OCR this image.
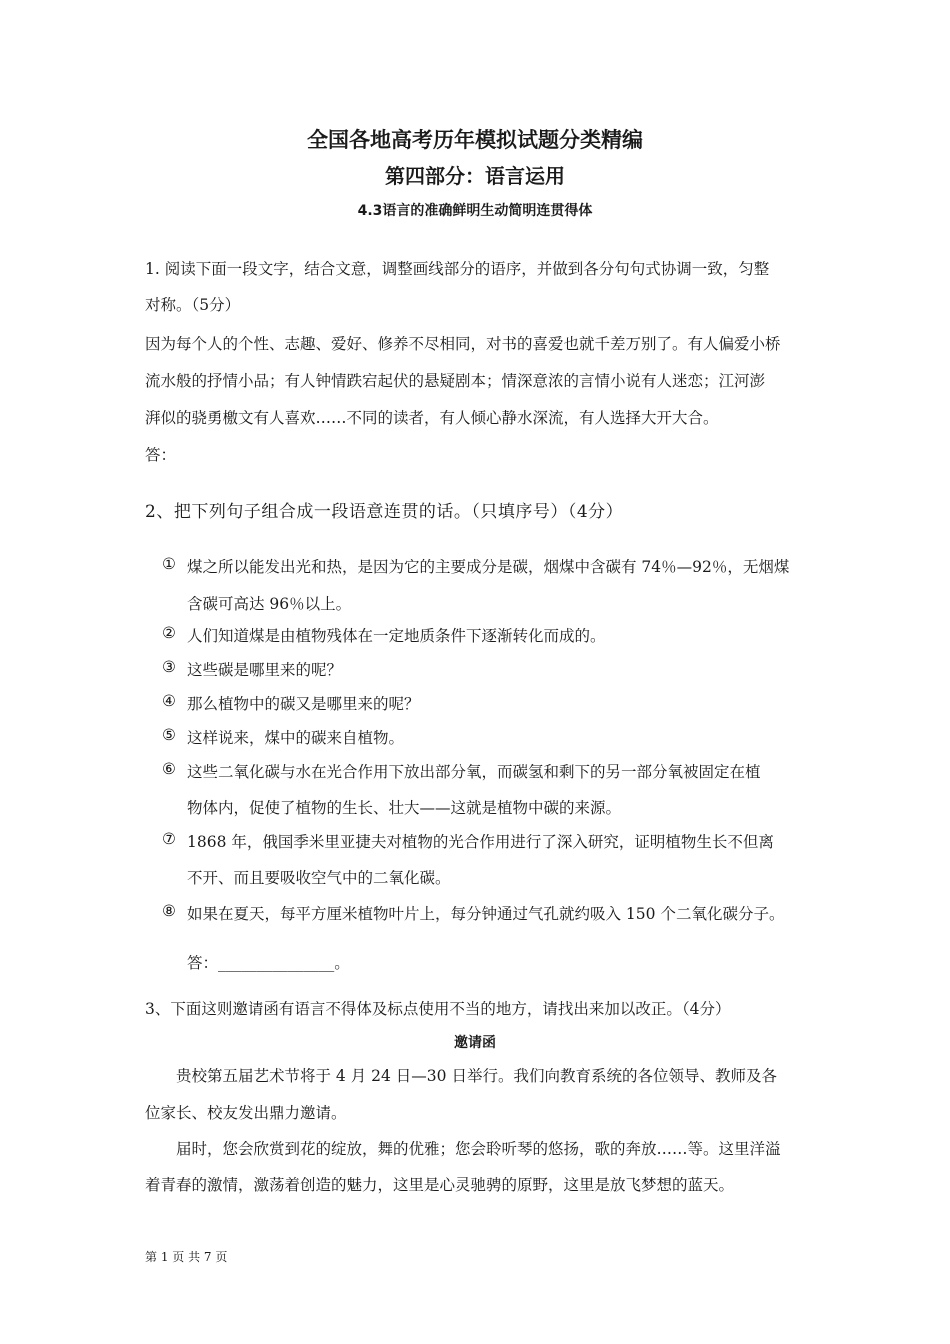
全国各地高考历年模拟试题分类精编
第四部分：语言运用
4.3语言的准确鲜明生动简明连贯得体
1. 阅读下面一段文字，结合文意，调整画线部分的语序，并做到各分句句式协调一致，匀整
对称。（5分）
因为每个人的个性、志趣、爱好、修养不尽相同，对书的喜爱也就千差万别了。有人偏爱小桥
流水般的抒情小品；有人钟情跌宕起伏的悬疑剧本；情深意浓的言情小说有人迷恋；江河澎
湃似的骁勇檄文有人喜欢……不同的读者，有人倾心静水深流，有人选择大开大合。
答：
2、把下列句子组合成一段语意连贯的话。（只填序号）（4分）
① 煤之所以能发出光和热，是因为它的主要成分是碳，烟煤中含碳有 74％—92％，无烟煤
含碳可高达 96％以上。
② 人们知道煤是由植物残体在一定地质条件下逐渐转化而成的。
③ 这些碳是哪里来的呢？
④ 那么植物中的碳又是哪里来的呢？
⑤ 这样说来，煤中的碳来自植物。
⑥ 这些二氧化碳与水在光合作用下放出部分氧，而碳氢和剩下的另一部分氧被固定在植
物体内，促使了植物的生长、壮大——这就是植物中碳的来源。
⑦ 1868 年，俄国季米里亚捷夫对植物的光合作用进行了深入研究，证明植物生长不但离
不开、而且要吸收空气中的二氧化碳。
⑧ 如果在夏天，每平方厘米植物叶片上，每分钟通过气孔就约吸入 150 个二氧化碳分子。
答：_______________。
3、下面这则邀请函有语言不得体及标点使用不当的地方，请找出来加以改正。（4分）
邀请函
贵校第五届艺术节将于 4 月 24 日—30 日举行。我们向教育系统的各位领导、教师及各
位家长、校友发出鼎力邀请。
届时，您会欣赏到花的绽放，舞的优雅；您会聆听琴的悠扬，歌的奔放……等。这里洋溢
着青春的激情，激荡着创造的魅力，这里是心灵驰骋的原野，这里是放飞梦想的蓝天。
第 1 页 共 7 页
